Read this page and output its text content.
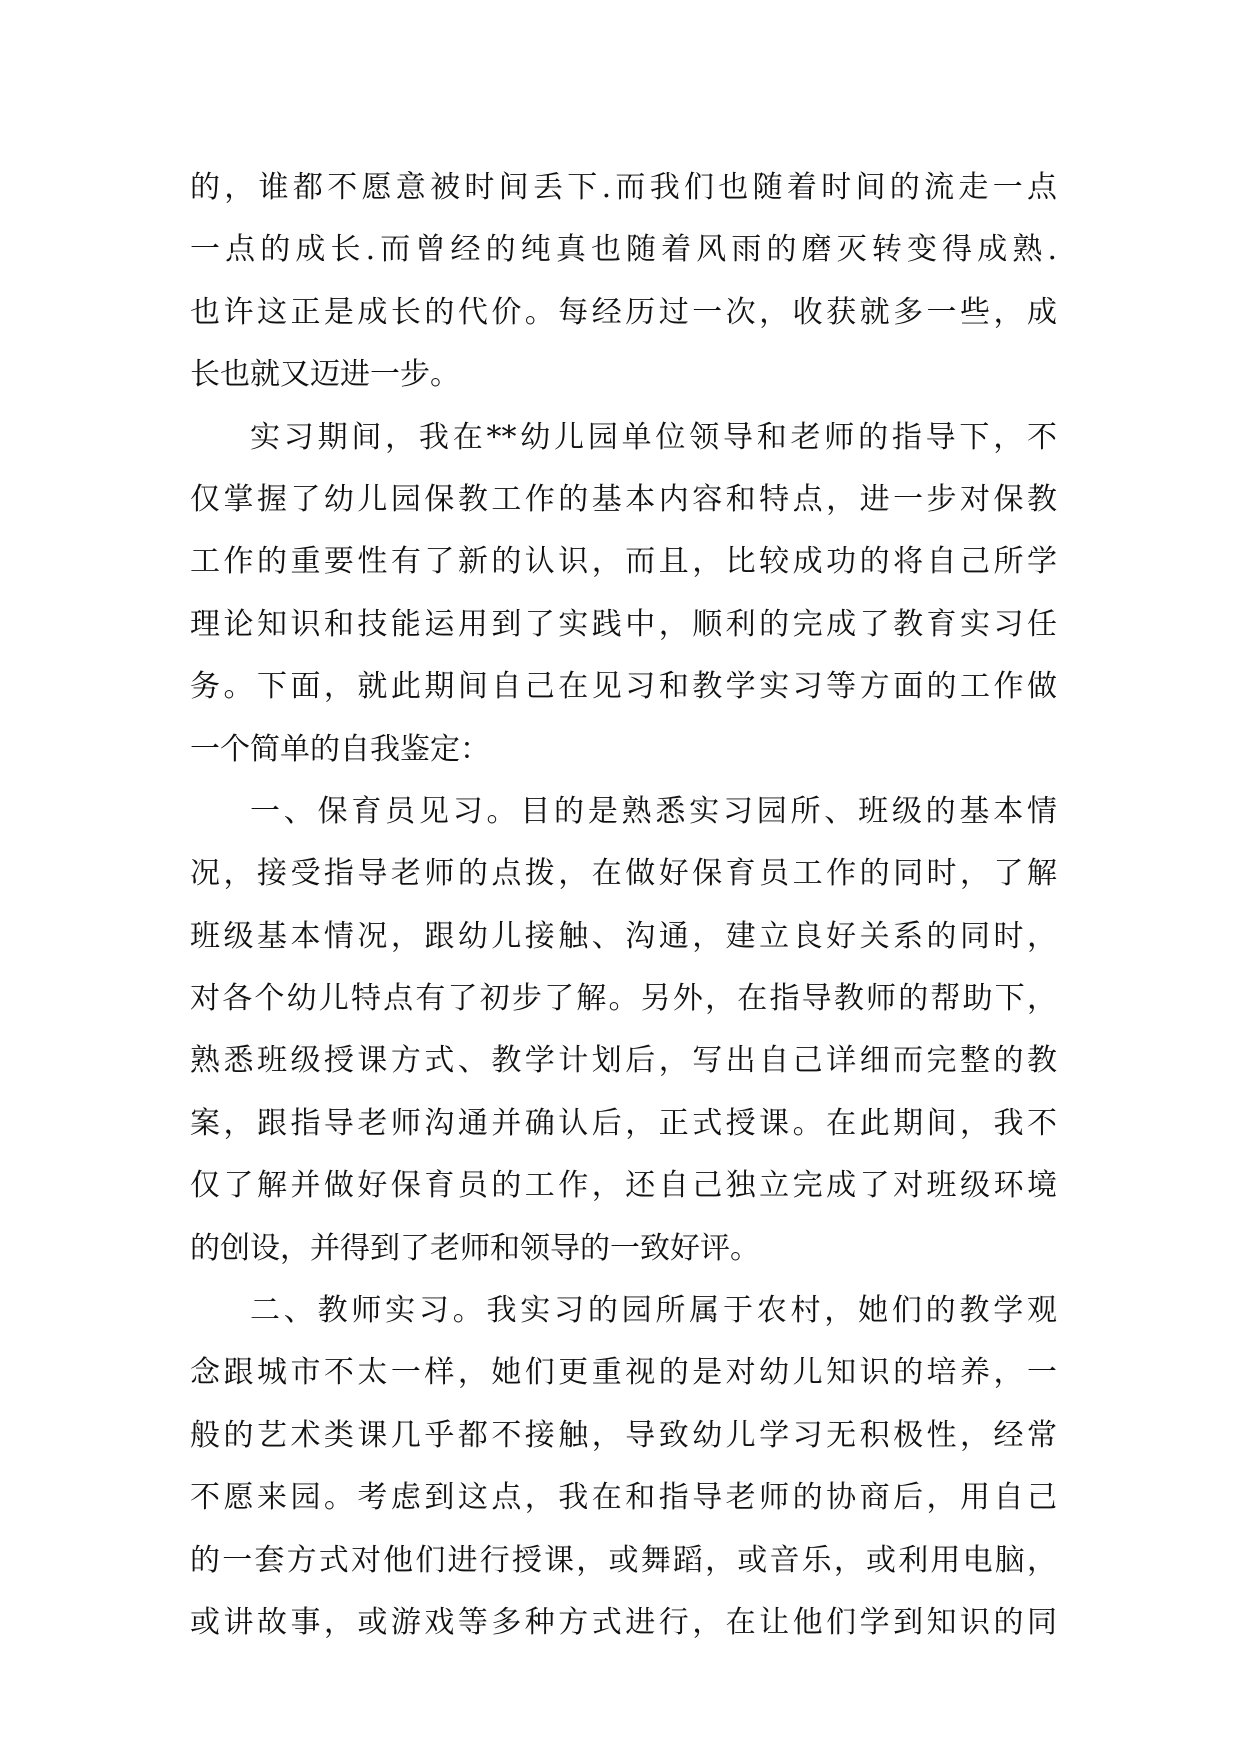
的，谁都不愿意被时间丢下.而我们也随着时间的流走一点
一点的成长.而曾经的纯真也随着风雨的磨灭转变得成熟.
也许这正是成长的代价。每经历过一次，收获就多一些，成
长也就又迈进一步。
实习期间，我在**幼儿园单位领导和老师的指导下，不
仅掌握了幼儿园保教工作的基本内容和特点，进一步对保教
工作的重要性有了新的认识，而且，比较成功的将自己所学
理论知识和技能运用到了实践中，顺利的完成了教育实习任
务。下面，就此期间自己在见习和教学实习等方面的工作做
一个简单的自我鉴定：
一、保育员见习。目的是熟悉实习园所、班级的基本情
况，接受指导老师的点拨，在做好保育员工作的同时，了解
班级基本情况，跟幼儿接触、沟通，建立良好关系的同时，
对各个幼儿特点有了初步了解。另外，在指导教师的帮助下，
熟悉班级授课方式、教学计划后，写出自己详细而完整的教
案，跟指导老师沟通并确认后，正式授课。在此期间，我不
仅了解并做好保育员的工作，还自己独立完成了对班级环境
的创设，并得到了老师和领导的一致好评。
二、教师实习。我实习的园所属于农村，她们的教学观
念跟城市不太一样，她们更重视的是对幼儿知识的培养，一
般的艺术类课几乎都不接触，导致幼儿学习无积极性，经常
不愿来园。考虑到这点，我在和指导老师的协商后，用自己
的一套方式对他们进行授课，或舞蹈，或音乐，或利用电脑，
或讲故事，或游戏等多种方式进行，在让他们学到知识的同
